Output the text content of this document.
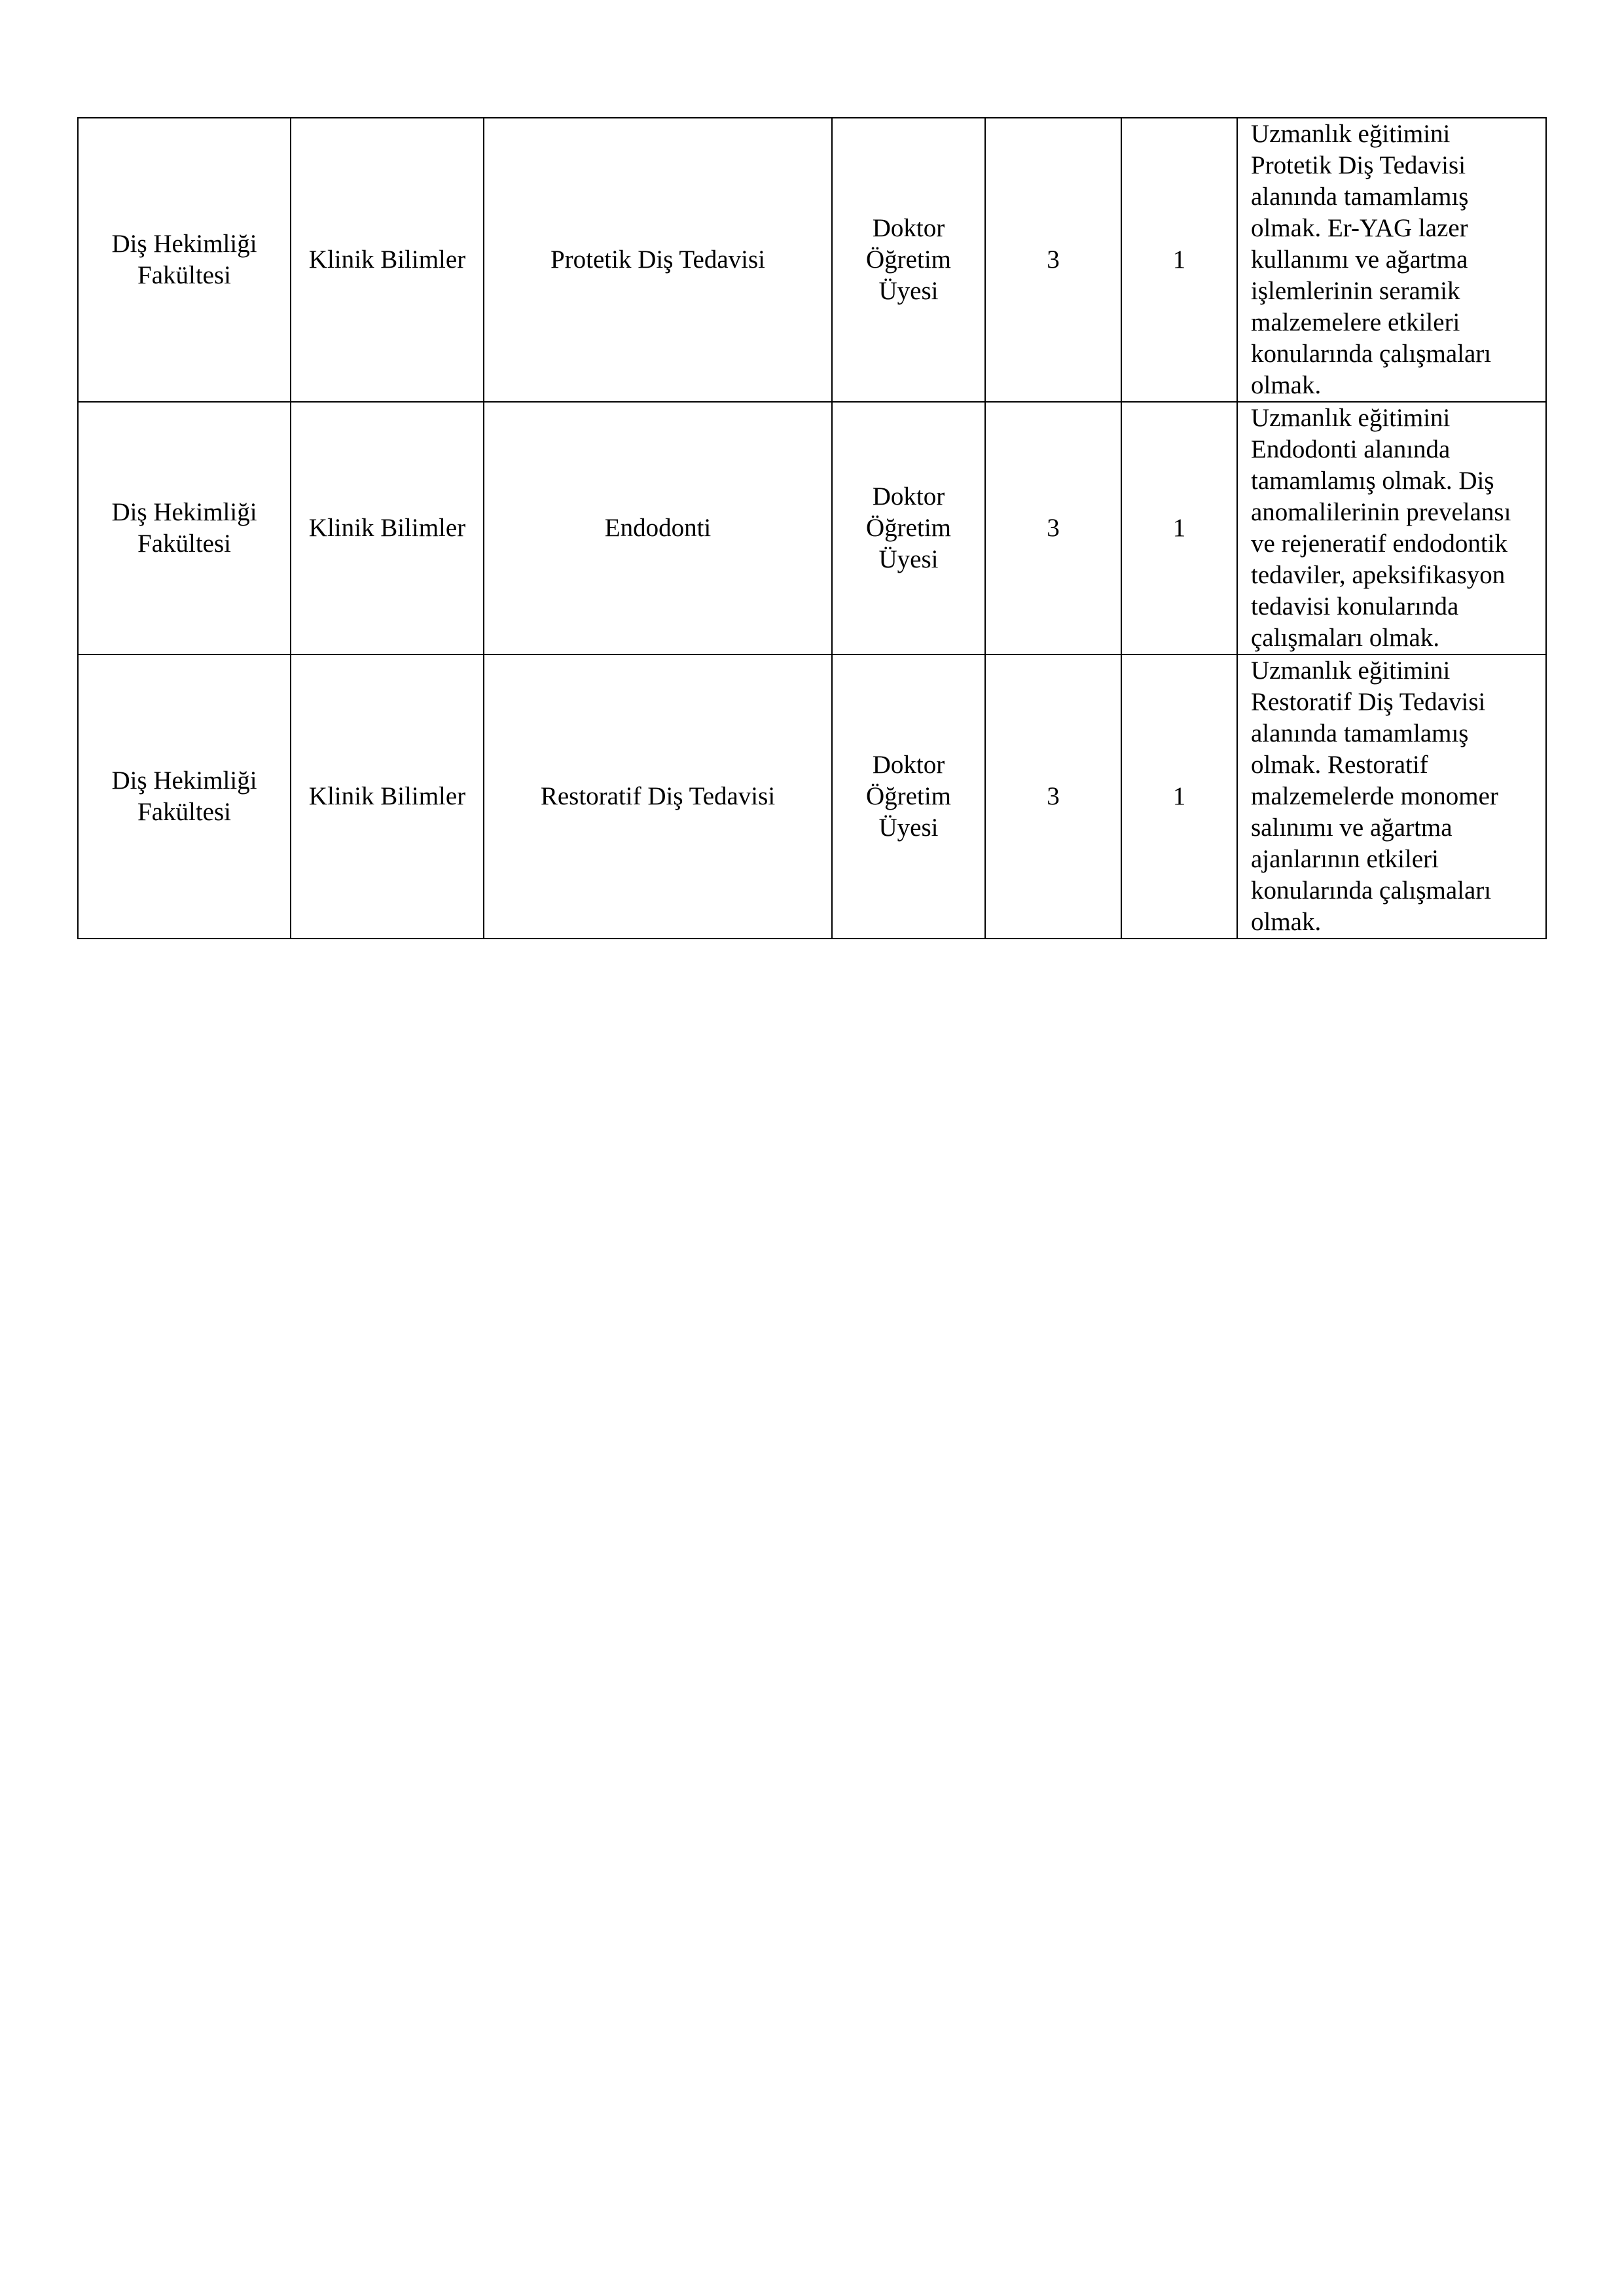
Diş Hekimliği Fakültesi	Klinik Bilimler	Protetik Diş Tedavisi	Doktor Öğretim Üyesi	3	1	Uzmanlık eğitimini Protetik Diş Tedavisi alanında tamamlamış olmak. Er-YAG lazer kullanımı ve ağartma işlemlerinin seramik malzemelere etkileri konularında çalışmaları olmak.
Diş Hekimliği Fakültesi	Klinik Bilimler	Endodonti	Doktor Öğretim Üyesi	3	1	Uzmanlık eğitimini Endodonti alanında tamamlamış olmak. Diş anomalilerinin prevelansı ve rejeneratif endodontik tedaviler, apeksifikasyon tedavisi konularında çalışmaları olmak.
Diş Hekimliği Fakültesi	Klinik Bilimler	Restoratif Diş Tedavisi	Doktor Öğretim Üyesi	3	1	Uzmanlık eğitimini Restoratif Diş Tedavisi alanında tamamlamış olmak. Restoratif malzemelerde monomer salınımı ve ağartma ajanlarının etkileri konularında çalışmaları olmak.
